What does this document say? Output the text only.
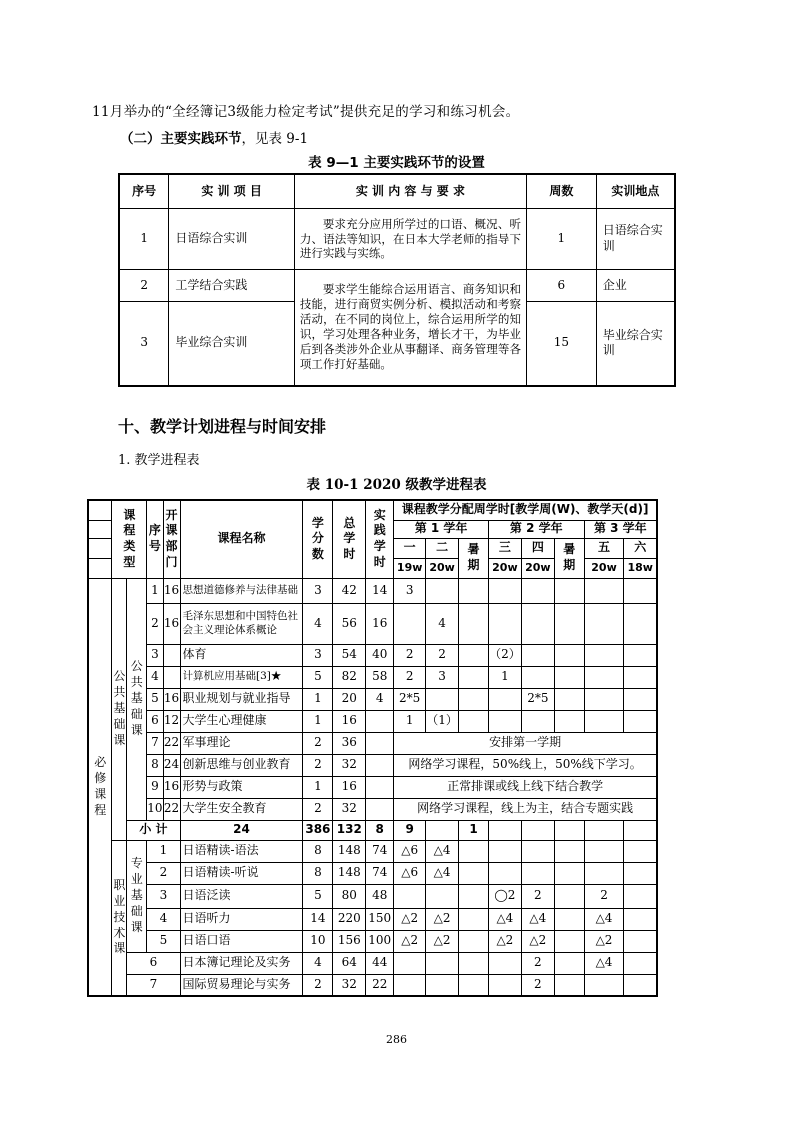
11月举办的“全经簿记3级能力检定考试”提供充足的学习和练习机会。
（二）主要实践环节，见表 9-1
表 9—1 主要实践环节的设置
序号	实 训 项 目	实 训 内 容 与 要 求	周数	实训地点
1	日语综合实训	要求充分应用所学过的口语、概况、听力、语法等知识，在日本大学老师的指导下进行实践与实练。	1	日语综合实训
2	工学结合实践	要求学生能综合运用语言、商务知识和技能，进行商贸实例分析、模拟活动和考察活动，在不同的岗位上，综合运用所学的知识，学习处理各种业务，增长才干，为毕业后到各类涉外企业从事翻译、商务管理等各项工作打好基础。	6	企业
3	毕业综合实训		15	毕业综合实训
十、教学计划进程与时间安排
1. 教学进程表
表 10-1 2020 级教学进程表

	课程类型		序号	开课部门	课程名称	学分数	总学时	实践学时	课程教学分配周学时[教学周(W)、教学天(d)]							
									第 1 学年			第 2 学年			第 3 学年	
									一	二	暑期	三	四	暑期	五	六
									19w	20w		20w	20w		20w	18w

必修课程	公共基础课	公共基础课	1	16	思想道德修养与法律基础	3	42	14	3							
			2	16	毛泽东思想和中国特色社会主义理论体系概论	4	56	16		4						
			3		体育	3	54	40	2	2		（2）				
			4		计算机应用基础[3]★	5	82	58	2	3		1				
			5	16	职业规划与就业指导	1	20	4	2*5				2*5			
			6	12	大学生心理健康	1	16		1	（1）						
			7	22	军事理论	2	36		安排第一学期							
			8	24	创新思维与创业教育	2	32		网络学习课程，50%线上，50%线下学习。							
			9	16	形势与政策	1	16		正常排课或线上线下结合教学							
			10	22	大学生安全教育	2	32		网络学习课程，线上为主，结合专题实践							
		小 计			24	386	132	8	9		1					

	职业技术课	专业基础课	1		日语精读-语法	8	148	74	△6	△4						
			2		日语精读-听说	8	148	74	△6	△4						
			3		日语泛读	5	80	48				◯2	2		2	
			4		日语听力	14	220	150	△2	△2		△4	△4		△4	
			5		日语口语	10	156	100	△2	△2		△2	△2		△2	
		6			日本簿记理论及实务	4	64	44					2		△4	
		7			国际贸易理论与实务	2	32	22					2			
286
